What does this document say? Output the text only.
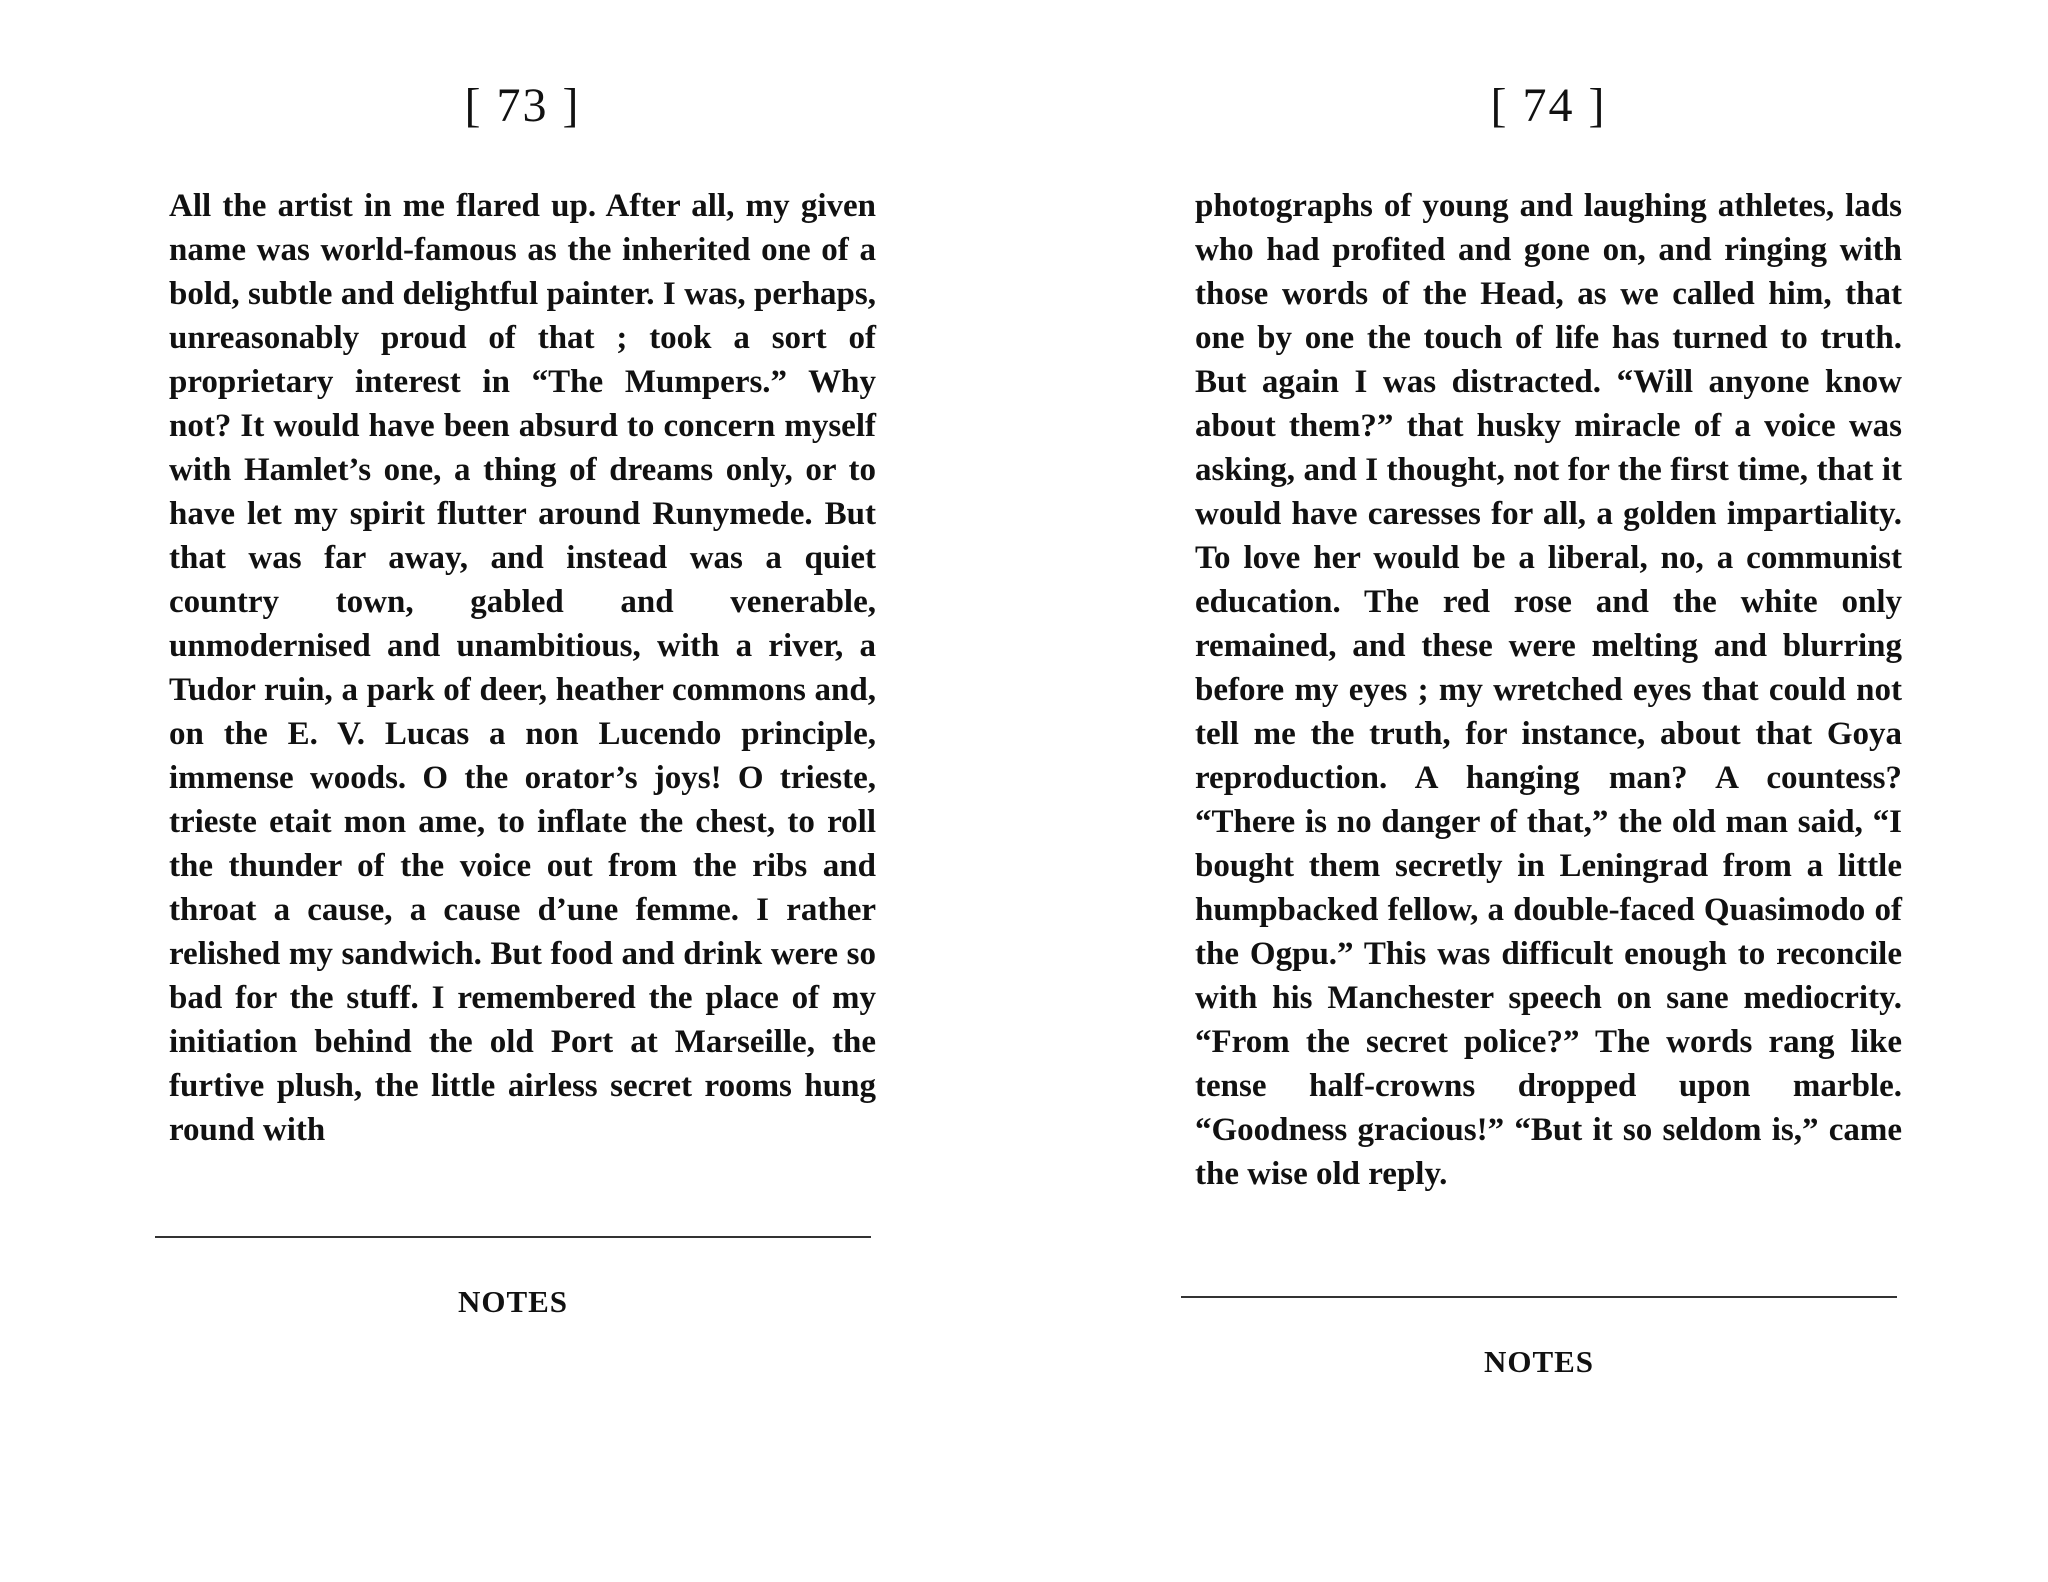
[ 73 ]

All the artist in me flared up. After all, my given name was world-famous as the inherited one of a bold, subtle and delightful painter. I was, perhaps, unreasonably proud of that ; took a sort of proprietary interest in “The Mumpers.” Why not? It would have been absurd to concern myself with Hamlet’s one, a thing of dreams only, or to have let my spirit flutter around Runymede. But that was far away, and instead was a quiet country town, gabled and venerable, unmodernised and unambitious, with a river, a Tudor ruin, a park of deer, heather commons and, on the E. V. Lucas a non Lucendo principle, immense woods. O the orator’s joys! O trieste, trieste etait mon ame, to inflate the chest, to roll the thunder of the voice out from the ribs and throat a cause, a cause d’une femme. I rather relished my sandwich. But food and drink were so bad for the stuff. I remembered the place of my initiation behind the old Port at Marseille, the furtive plush, the little airless secret rooms hung round with

NOTES
[ 74 ]

photographs of young and laughing athletes, lads who had profited and gone on, and ringing with those words of the Head, as we called him, that one by one the touch of life has turned to truth. But again I was distracted. “Will anyone know about them?” that husky miracle of a voice was asking, and I thought, not for the first time, that it would have caresses for all, a golden impartiality. To love her would be a liberal, no, a communist education. The red rose and the white only remained, and these were melting and blurring before my eyes ; my wretched eyes that could not tell me the truth, for instance, about that Goya reproduction. A hanging man? A countess? “There is no danger of that,” the old man said, “I bought them secretly in Leningrad from a little humpbacked fellow, a double-faced Quasimodo of the Ogpu.” This was difficult enough to reconcile with his Manchester speech on sane mediocrity. “From the secret police?” The words rang like tense half-crowns dropped upon marble. “Goodness gracious!” “But it so seldom is,” came the wise old reply.

NOTES
